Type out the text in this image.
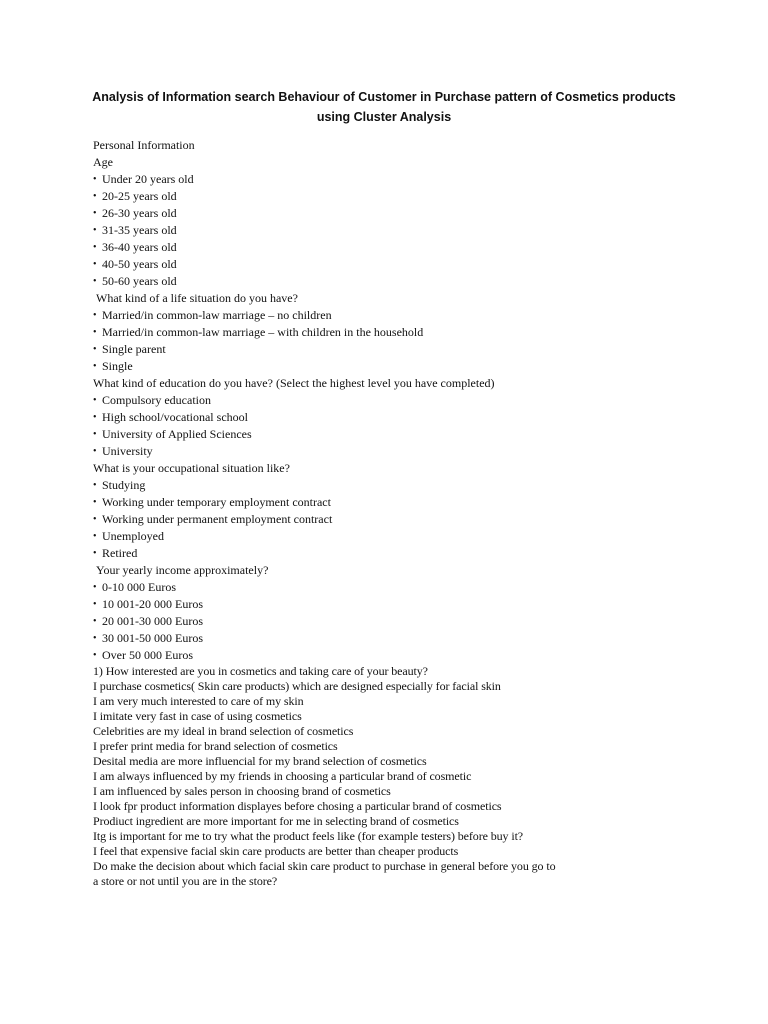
Analysis of Information search Behaviour of Customer in Purchase pattern of Cosmetics products
using Cluster Analysis
Personal Information
Age
• Under 20 years old
• 20-25 years old
• 26-30 years old
• 31-35 years old
• 36-40 years old
• 40-50 years old
• 50-60 years old
What kind of a life situation do you have?
• Married/in common-law marriage – no children
• Married/in common-law marriage – with children in the household
• Single parent
• Single
What kind of education do you have? (Select the highest level you have completed)
• Compulsory education
• High school/vocational school
• University of Applied Sciences
• University
What is your occupational situation like?
• Studying
• Working under temporary employment contract
• Working under permanent employment contract
• Unemployed
• Retired
Your yearly income approximately?
• 0-10 000 Euros
• 10 001-20 000 Euros
• 20 001-30 000 Euros
• 30 001-50 000 Euros
• Over 50 000 Euros
1) How interested are you in cosmetics and taking care of your beauty?
I purchase cosmetics( Skin care products) which are designed especially for facial skin
I am very much interested to care of my skin
I imitate very fast in case of using cosmetics
Celebrities are my ideal in brand selection of cosmetics
I prefer print media for brand selection of cosmetics
Desital media are more influencial for my brand selection of cosmetics
I am always influenced by my friends in choosing a particular brand of cosmetic
I am influenced by sales person in choosing brand of cosmetics
I look fpr product information displayes before chosing a particular brand of cosmetics
Prodiuct ingredient are more important for me in selecting brand of cosmetics
Itg is important for me to try what the product feels like (for example testers) before buy it?
I feel that expensive facial skin care products are better than cheaper products
Do make the decision about which facial skin care product to purchase in general before you go to
a store or not until you are in the store?
